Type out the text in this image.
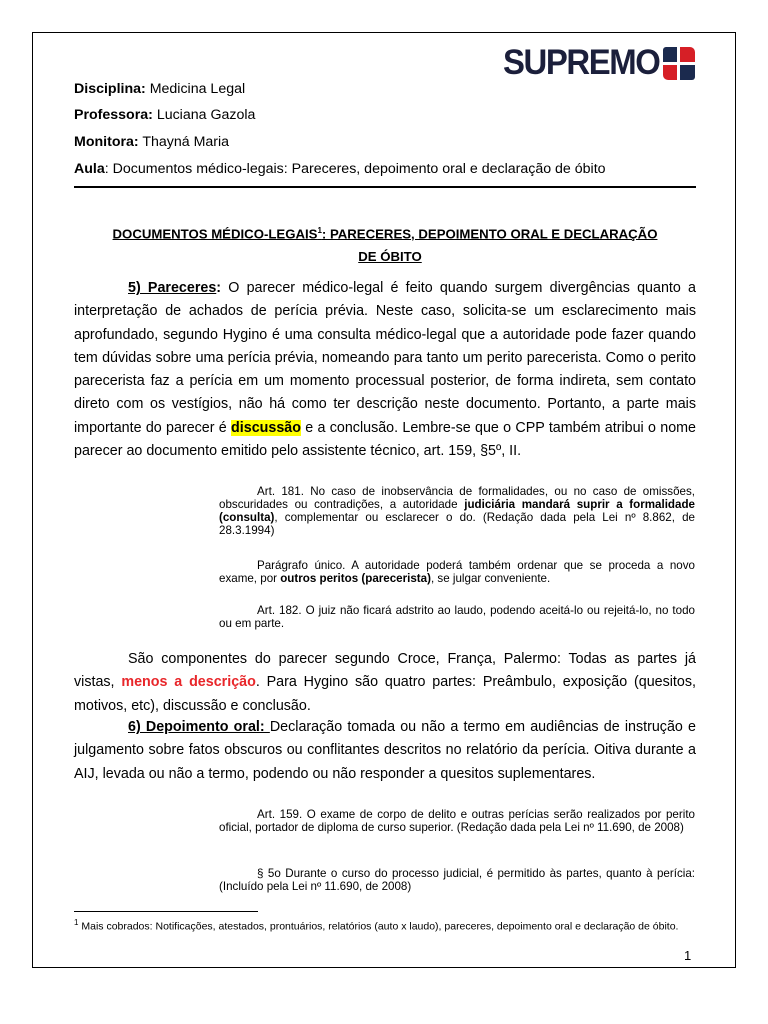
SUPREMO
Disciplina: Medicina Legal
Professora: Luciana Gazola
Monitora: Thayná Maria
Aula: Documentos médico-legais: Pareceres, depoimento oral e declaração de óbito
DOCUMENTOS MÉDICO-LEGAIS$^1$: PARECERES, DEPOIMENTO ORAL E DECLARAÇÃO
DE ÓBITO
5) Pareceres: O parecer médico-legal é feito quando surgem divergências quanto a interpretação de achados de perícia prévia. Neste caso, solicita-se um esclarecimento mais aprofundado, segundo Hygino é uma consulta médico-legal que a autoridade pode fazer quando tem dúvidas sobre uma perícia prévia, nomeando para tanto um perito parecerista. Como o perito parecerista faz a perícia em um momento processual posterior, de forma indireta, sem contato direto com os vestígios, não há como ter descrição neste documento. Portanto, a parte mais importante do parecer é discussão e a conclusão. Lembre-se que o CPP também atribui o nome parecer ao documento emitido pelo assistente técnico, art. 159, §5º, II.
Art. 181. No caso de inobservância de formalidades, ou no caso de omissões, obscuridades ou contradições, a autoridade judiciária mandará suprir a formalidade (consulta), complementar ou esclarecer o do. (Redação dada pela Lei nº 8.862, de 28.3.1994)
Parágrafo único. A autoridade poderá também ordenar que se proceda a novo exame, por outros peritos (parecerista), se julgar conveniente.
Art. 182. O juiz não ficará adstrito ao laudo, podendo aceitá-lo ou rejeitá-lo, no todo ou em parte.
São componentes do parecer segundo Croce, França, Palermo: Todas as partes já vistas, menos a descrição. Para Hygino são quatro partes: Preâmbulo, exposição (quesitos, motivos, etc), discussão e conclusão.
6) Depoimento oral: Declaração tomada ou não a termo em audiências de instrução e julgamento sobre fatos obscuros ou conflitantes descritos no relatório da perícia. Oitiva durante a AIJ, levada ou não a termo, podendo ou não responder a quesitos suplementares.
Art. 159. O exame de corpo de delito e outras perícias serão realizados por perito oficial, portador de diploma de curso superior. (Redação dada pela Lei nº 11.690, de 2008)
§ 5o Durante o curso do processo judicial, é permitido às partes, quanto à perícia: (Incluído pela Lei nº 11.690, de 2008)
$^1$ Mais cobrados: Notificações, atestados, prontuários, relatórios (auto x laudo), pareceres, depoimento oral e declaração de óbito.
1
